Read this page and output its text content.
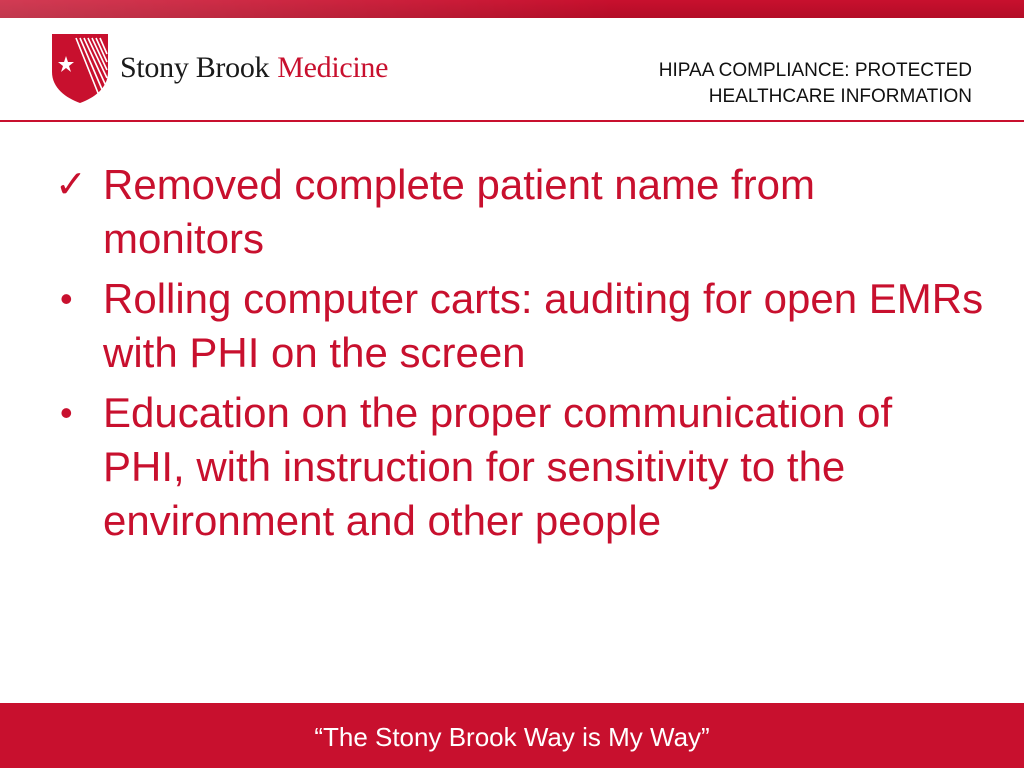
Stony Brook Medicine	HIPAA COMPLIANCE: PROTECTED
HEALTHCARE INFORMATION
✓ Removed complete patient name from monitors
• Rolling computer carts: auditing for open EMRs with PHI on the screen
• Education on the proper communication of PHI, with instruction for sensitivity to the environment and other people
“The Stony Brook Way is My Way”
